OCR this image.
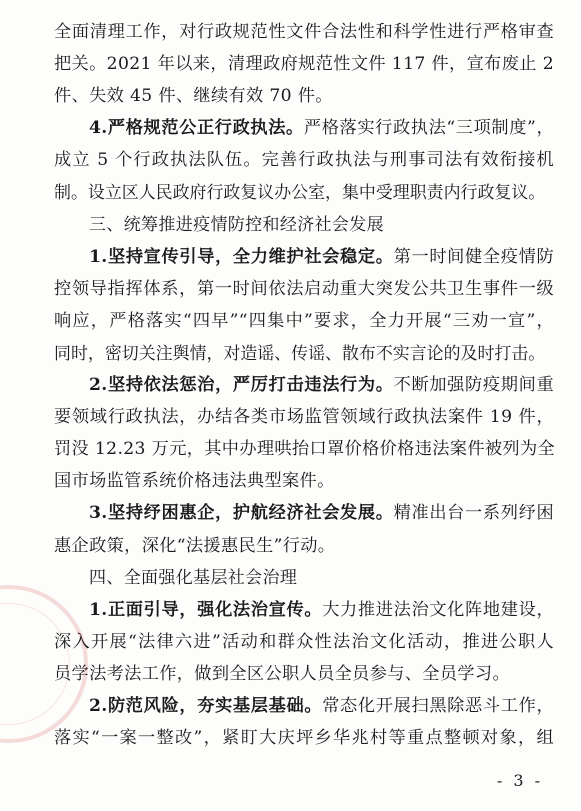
全面清理工作，对行政规范性文件合法性和科学性进行严格审查
把关。2021 年以来，清理政府规范性文件 117 件，宣布废止 2
件、失效 45 件、继续有效 70 件。
4.严格规范公正行政执法。严格落实行政执法“三项制度”，
成立 5 个行政执法队伍。完善行政执法与刑事司法有效衔接机
制。设立区人民政府行政复议办公室，集中受理职责内行政复议。
三、统筹推进疫情防控和经济社会发展
1.坚持宣传引导，全力维护社会稳定。第一时间健全疫情防
控领导指挥体系，第一时间依法启动重大突发公共卫生事件一级
响应，严格落实“四早”“四集中”要求，全力开展“三劝一宣”，
同时，密切关注舆情，对造谣、传谣、散布不实言论的及时打击。
2.坚持依法惩治，严厉打击违法行为。不断加强防疫期间重
要领域行政执法，办结各类市场监管领域行政执法案件 19 件，
罚没 12.23 万元，其中办理哄抬口罩价格价格违法案件被列为全
国市场监管系统价格违法典型案件。
3.坚持纾困惠企，护航经济社会发展。精准出台一系列纾困
惠企政策，深化“法援惠民生”行动。
四、全面强化基层社会治理
1.正面引导，强化法治宣传。大力推进法治文化阵地建设，
深入开展“法律六进”活动和群众性法治文化活动，推进公职人
员学法考法工作，做到全区公职人员全员参与、全员学习。
2.防范风险，夯实基层基础。常态化开展扫黑除恶斗工作，
落实“一案一整改”，紧盯大庆坪乡华兆村等重点整顿对象，组
- 3 -
